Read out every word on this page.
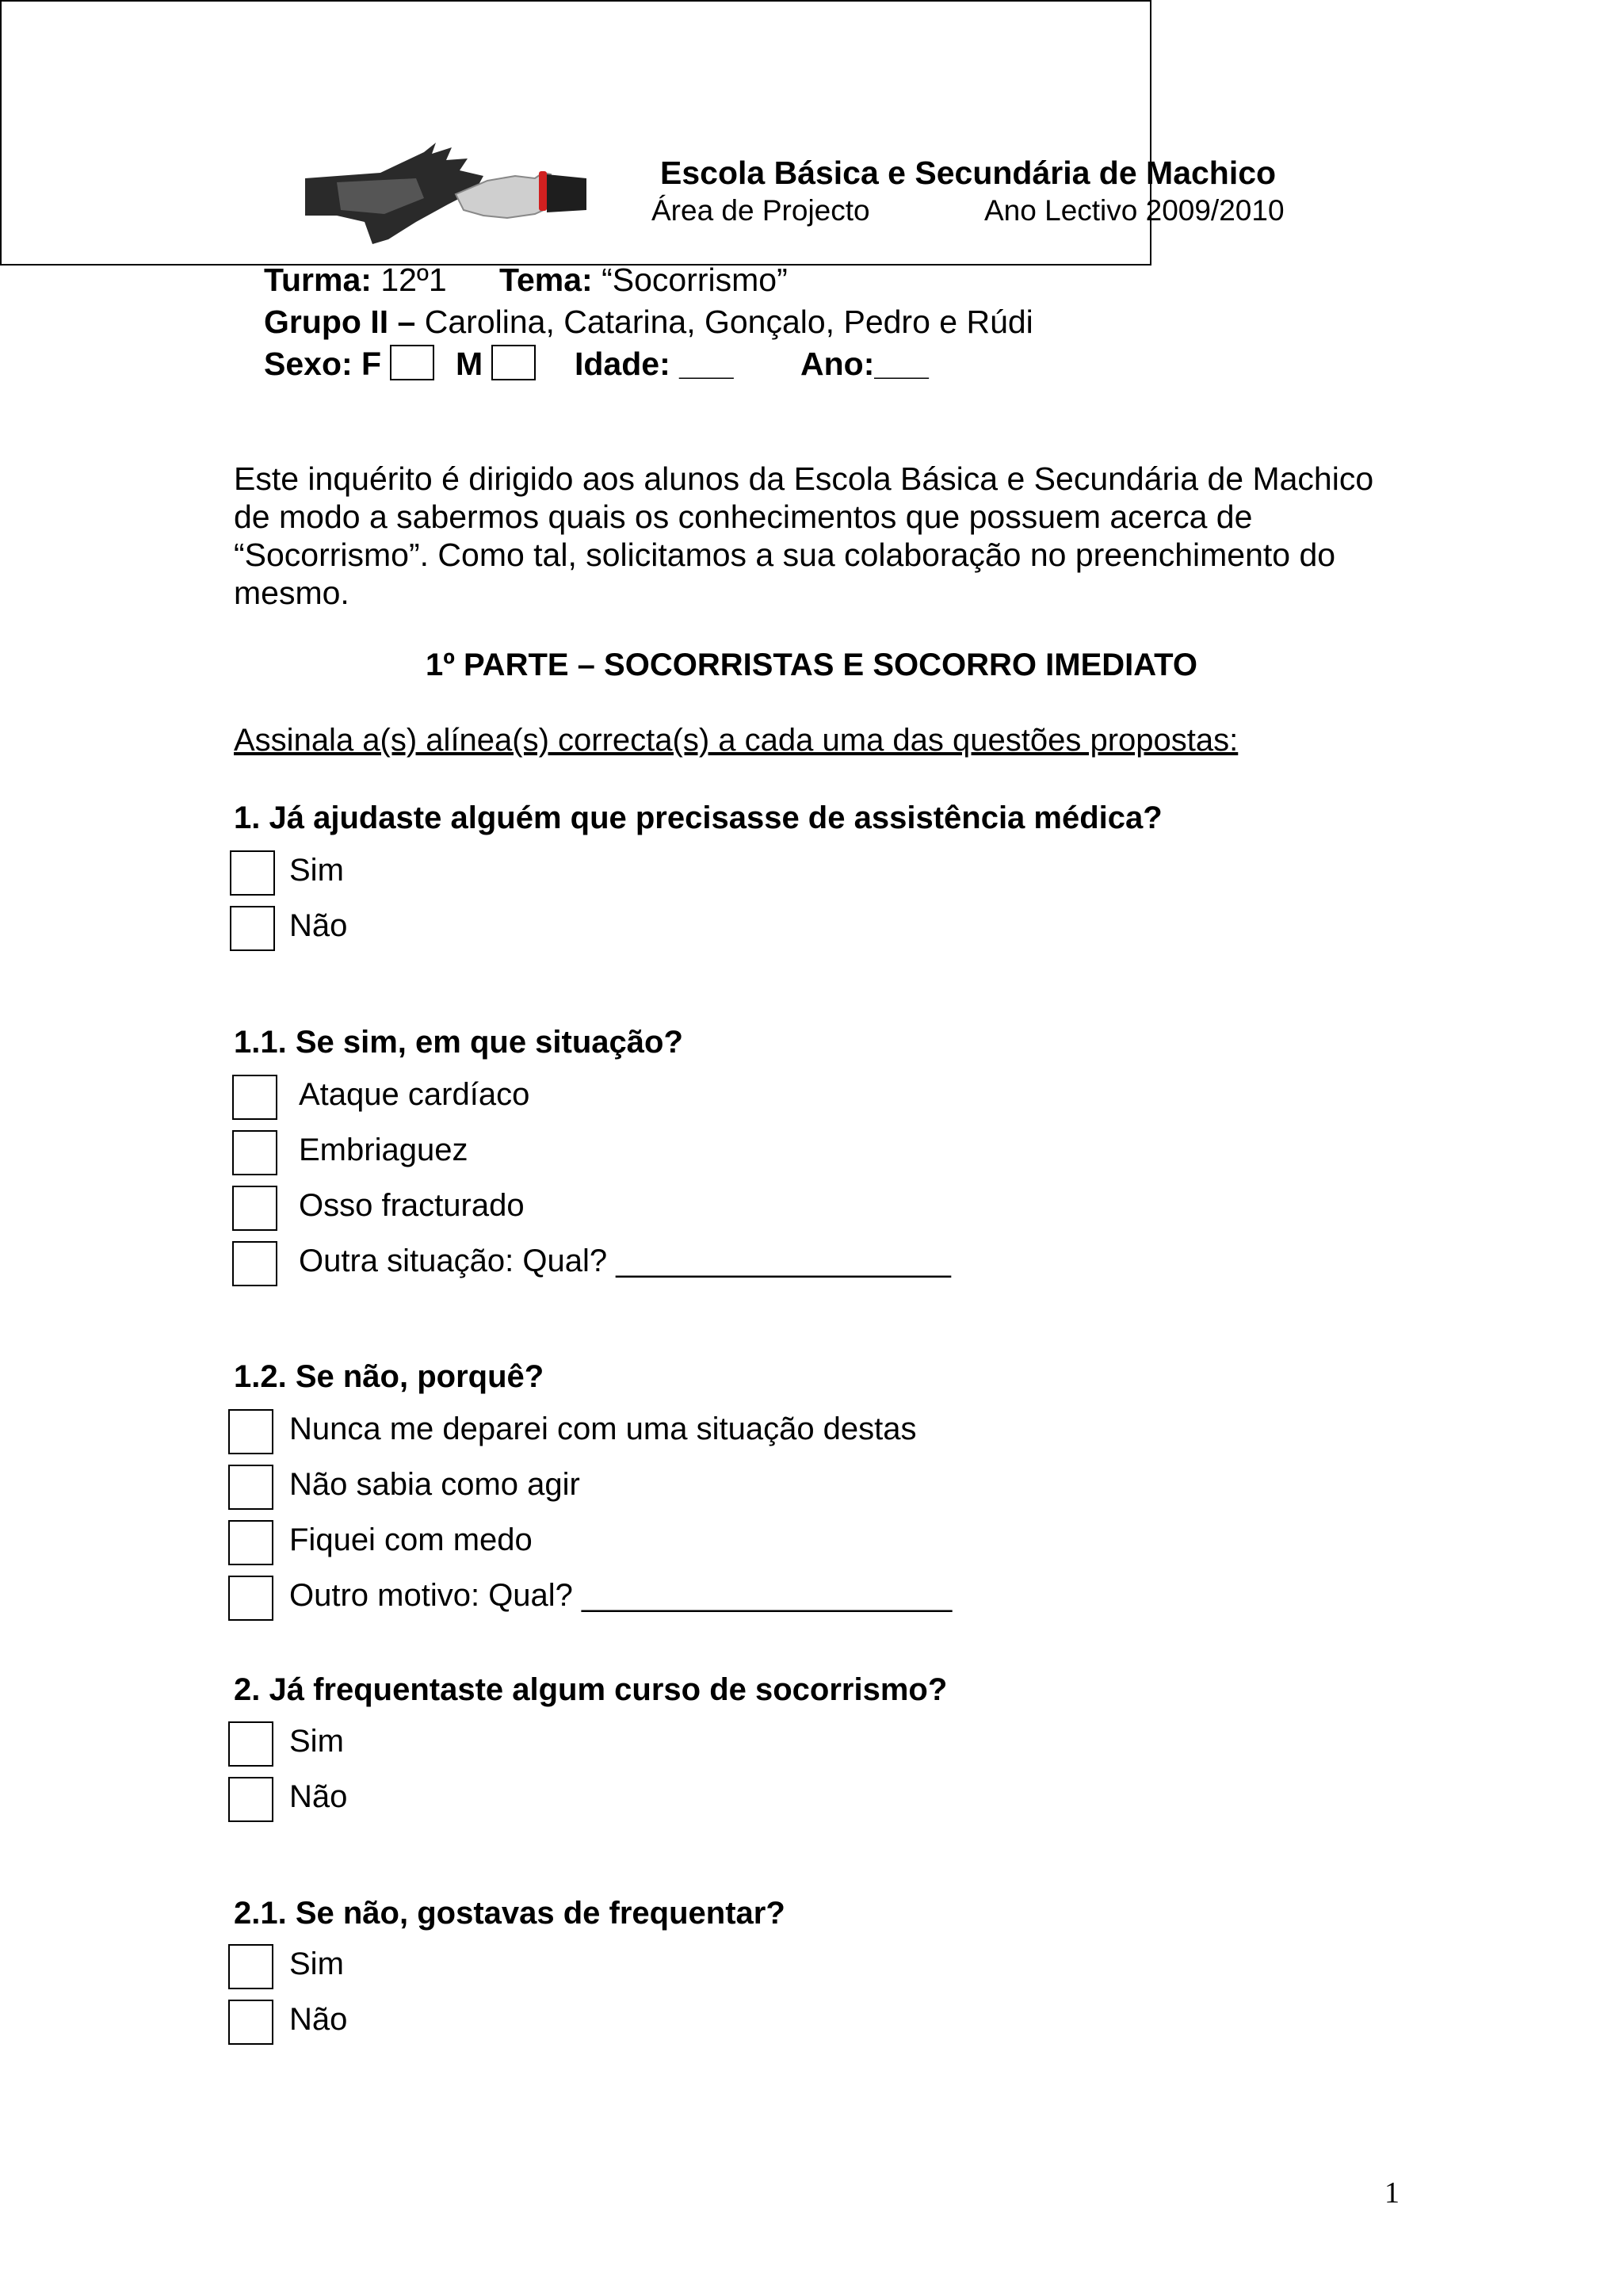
Escola Básica e Secundária de Machico
Área de Projecto	Ano Lectivo 2009/2010
Turma: 12º1 Tema: “Socorrismo”
Grupo II – Carolina, Catarina, Gonçalo, Pedro e Rúdi
Sexo: F M	Idade: ___ Ano:___
Este inquérito é dirigido aos alunos da Escola Básica e Secundária de Machico de modo a sabermos quais os conhecimentos que possuem acerca de “Socorrismo”. Como tal, solicitamos a sua colaboração no preenchimento do mesmo.
1º PARTE – SOCORRISTAS E SOCORRO IMEDIATO
Assinala a(s) alínea(s) correcta(s) a cada uma das questões propostas:
1. Já ajudaste alguém que precisasse de assistência médica?
Sim
Não
1.1. Se sim, em que situação?
Ataque cardíaco
Embriaguez
Osso fracturado
Outra situação: Qual? ___________________
1.2. Se não, porquê?
Nunca me deparei com uma situação destas
Não sabia como agir
Fiquei com medo
Outro motivo: Qual? _____________________
2. Já frequentaste algum curso de socorrismo?
Sim
Não
2.1. Se não, gostavas de frequentar?
Sim
Não
1
